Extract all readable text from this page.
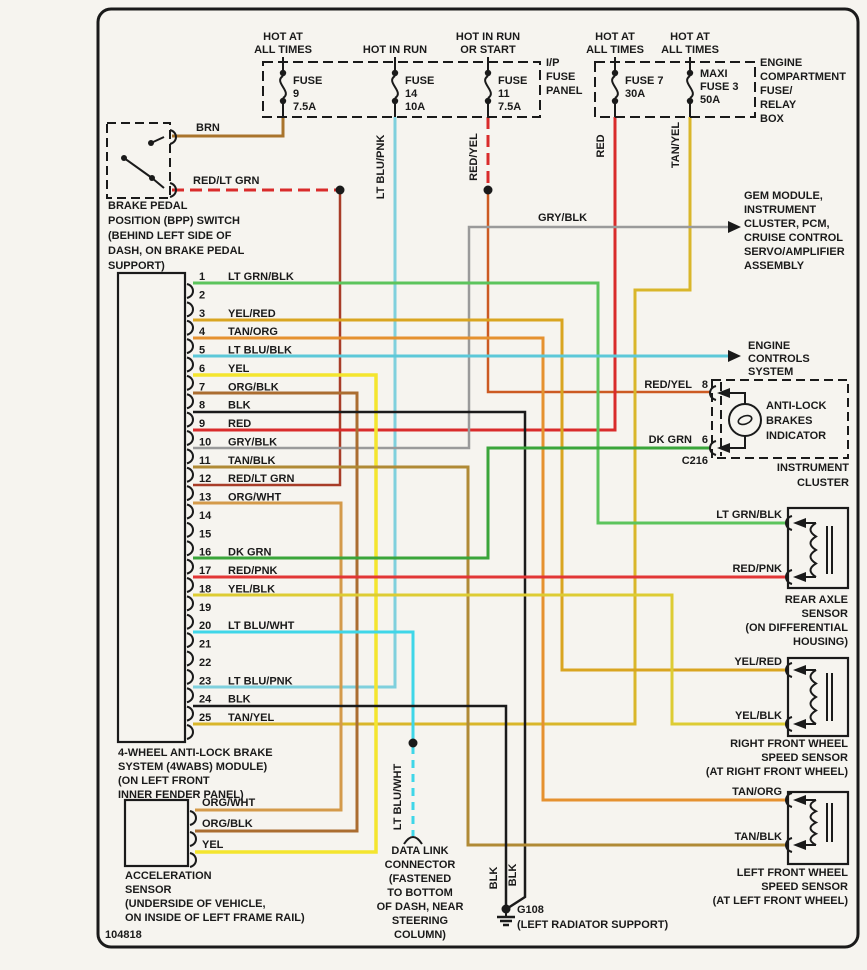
HOT AT
ALL TIMES
FUSE
9
7.5A
HOT IN RUN
FUSE
14
10A
HOT IN RUN
OR START
FUSE
11
7.5A
HOT AT
ALL TIMES
FUSE 7
30A
HOT AT
ALL TIMES
MAXI
FUSE 3
50A
I/P
FUSE
PANEL
ENGINE
COMPARTMENT
FUSE/
RELAY
BOX
BRAKE PEDAL
POSITION (BPP) SWITCH
(BEHIND LEFT SIDE OF
DASH, ON BRAKE PEDAL
SUPPORT)
1 LT GRN/BLK
2
3 YEL/RED
4 TAN/ORG
5 LT BLU/BLK
6 YEL
7 ORG/BLK
8 BLK
9 RED
10 GRY/BLK
11 TAN/BLK
12 RED/LT GRN
13 ORG/WHT
14
15
16 DK GRN
17 RED/PNK
18 YEL/BLK
19
20 LT BLU/WHT
21
22
23 LT BLU/PNK
24 BLK
25 TAN/YEL
4-WHEEL ANTI-LOCK BRAKE
SYSTEM (4WABS) MODULE)
(ON LEFT FRONT
INNER FENDER PANEL)
ORG/WHT
ORG/BLK
YEL
ACCELERATION
SENSOR
(UNDERSIDE OF VEHICLE,
ON INSIDE OF LEFT FRAME RAIL)
GEM MODULE,
INSTRUMENT
CLUSTER, PCM,
CRUISE CONTROL
SERVO/AMPLIFIER
ASSEMBLY
ENGINE
CONTROLS
SYSTEM
RED/YEL 8
DK GRN 6
C216
ANTI-LOCK
BRAKES
INDICATOR
INSTRUMENT
CLUSTER
LT GRN/BLK
RED/PNK
REAR AXLE
SENSOR
(ON DIFFERENTIAL
HOUSING)
YEL/RED
YEL/BLK
RIGHT FRONT WHEEL
SPEED SENSOR
(AT RIGHT FRONT WHEEL)
TAN/ORG
TAN/BLK
LEFT FRONT WHEEL
SPEED SENSOR
(AT LEFT FRONT WHEEL)
DATA LINK
CONNECTOR
(FASTENED
TO BOTTOM
OF DASH, NEAR
STEERING
COLUMN)
G108
(LEFT RADIATOR SUPPORT)
BLK BLK
BRN
RED/LT GRN
GRY/BLK
LT BLU/PNK	RED/YEL	RED	TAN/YEL
LT BLU/WHT
104818
